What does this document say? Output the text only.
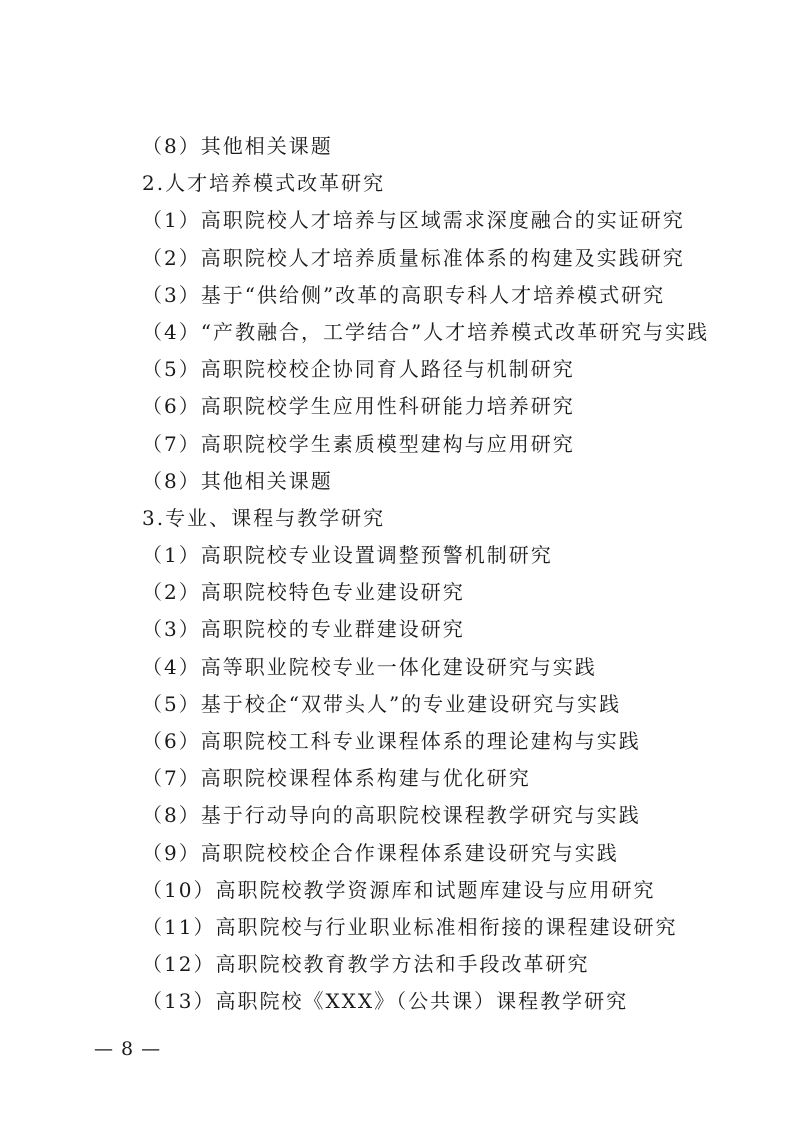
（8）其他相关课题
2.人才培养模式改革研究
（1）高职院校人才培养与区域需求深度融合的实证研究
（2）高职院校人才培养质量标准体系的构建及实践研究
（3）基于“供给侧”改革的高职专科人才培养模式研究
（4）“产教融合，工学结合”人才培养模式改革研究与实践
（5）高职院校校企协同育人路径与机制研究
（6）高职院校学生应用性科研能力培养研究
（7）高职院校学生素质模型建构与应用研究
（8）其他相关课题
3.专业、课程与教学研究
（1）高职院校专业设置调整预警机制研究
（2）高职院校特色专业建设研究
（3）高职院校的专业群建设研究
（4）高等职业院校专业一体化建设研究与实践
（5）基于校企“双带头人”的专业建设研究与实践
（6）高职院校工科专业课程体系的理论建构与实践
（7）高职院校课程体系构建与优化研究
（8）基于行动导向的高职院校课程教学研究与实践
（9）高职院校校企合作课程体系建设研究与实践
（10）高职院校教学资源库和试题库建设与应用研究
（11）高职院校与行业职业标准相衔接的课程建设研究
（12）高职院校教育教学方法和手段改革研究
（13）高职院校《XXX》（公共课）课程教学研究
— 8 —
